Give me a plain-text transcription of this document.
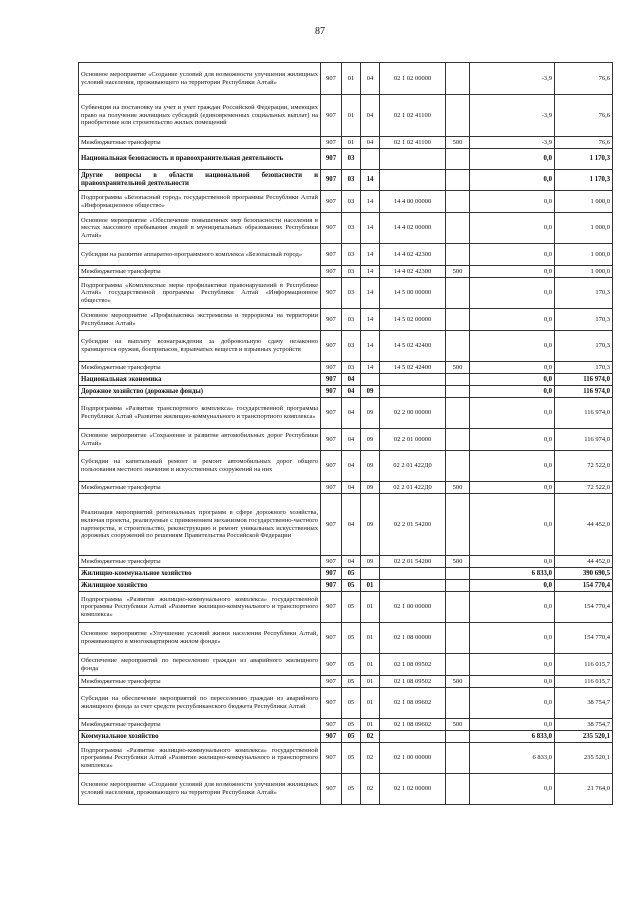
87
Основное мероприятие «Создание условий для возможности улучшения жилищных условий населения, проживающего на территории Республики Алтай»	907	01	04	02 1 02 00000		-3,9	76,6
Субвенция на постановку на учет и учет граждан Российской Федерации, имеющих право на получение жилищных субсидий (единовременных социальных выплат) на приобретение или строительство жилых помещений	907	01	04	02 1 02 41100		-3,9	76,6
Межбюджетные трансферты	907	01	04	02 1 02 41100	500	-3,9	76,6
Национальная безопасность и правоохранительная деятельность	907	03				0,0	1 170,3
Другие вопросы в области национальной безопасности и правоохранительной деятельности	907	03	14			0,0	1 170,3
Подпрограмма «Безопасный город» государственной программы Республики Алтай «Информационное общество»	907	03	14	14 4 00 00000		0,0	1 000,0
Основное мероприятие «Обеспечение повышенных мер безопасности населения в местах массового пребывания людей в муниципальных образованиях Республики Алтай»	907	03	14	14 4 02 00000		0,0	1 000,0
Субсидии на развитие аппаратно-программного комплекса «Безопасный город»	907	03	14	14 4 02 42300		0,0	1 000,0
Межбюджетные трансферты	907	03	14	14 4 02 42300	500	0,0	1 000,0
Подпрограмма «Комплексные меры профилактики правонарушений в Республике Алтай» государственной программы Республики Алтай «Информационное общество»	907	03	14	14 5 00 00000		0,0	170,3
Основное мероприятие «Профилактика экстремизма и терроризма на территории Республики Алтай»	907	03	14	14 5 02 00000		0,0	170,3
Субсидии на выплату вознаграждения за добровольную сдачу незаконно хранящегося оружия, боеприпасов, взрывчатых веществ и взрывных устройств	907	03	14	14 5 02 42400		0,0	170,3
Межбюджетные трансферты	907	03	14	14 5 02 42400	500	0,0	170,3
Национальная экономика	907	04				0,0	116 974,0
Дорожное хозяйство (дорожные фонды)	907	04	09			0,0	116 974,0
Подпрограмма «Развитие транспортного комплекса» государственной программы Республики Алтай «Развитие жилищно-коммунального и транспортного комплекса»	907	04	09	02 2 00 00000		0,0	116 974,0
Основное мероприятие «Сохранение и развитие автомобильных дорог Республики Алтай»	907	04	09	02 2 01 00000		0,0	116 974,0
Субсидии на капитальный ремонт и ремонт автомобильных дорог общего пользования местного значения и искусственных сооружений на них	907	04	09	02 2 01 422Д0		0,0	72 522,0
Межбюджетные трансферты	907	04	09	02 2 01 422Д0	500	0,0	72 522,0
Реализация мероприятий региональных программ в сфере дорожного хозяйства, включая проекты, реализуемые с применением механизмов государственно-частного партнерства, и строительство, реконструкцию и ремонт уникальных искусственных дорожных сооружений по решениям Правительства Российской Федерации	907	04	09	02 2 01 54200		0,0	44 452,0
Межбюджетные трансферты	907	04	09	02 2 01 54200	500	0,0	44 452,0
Жилищно-коммунальное хозяйство	907	05				6 833,0	390 690,5
Жилищное хозяйство	907	05	01			0,0	154 770,4
Подпрограмма «Развитие жилищно-коммунального комплекса» государственной программы Республики Алтай «Развитие жилищно-коммунального и транспортного комплекса»	907	05	01	02 1 00 00000		0,0	154 770,4
Основное мероприятие «Улучшение условий жизни населения Республики Алтай, проживающего в многоквартирном жилом фонде»	907	05	01	02 1 08 00000		0,0	154 770,4
Обеспечение мероприятий по переселению граждан из аварийного жилищного фонда	907	05	01	02 1 08 09502		0,0	116 015,7
Межбюджетные трансферты	907	05	01	02 1 08 09502	500	0,0	116 015,7
Субсидии на обеспечение мероприятий по переселению граждан из аварийного жилищного фонда за счет средств республиканского бюджета Республики Алтай	907	05	01	02 1 08 09602		0,0	38 754,7
Межбюджетные трансферты	907	05	01	02 1 08 09602	500	0,0	38 754,7
Коммунальное хозяйство	907	05	02			6 833,0	235 520,1
Подпрограмма «Развитие жилищно-коммунального комплекса» государственной программы Республики Алтай «Развитие жилищно-коммунального и транспортного комплекса»	907	05	02	02 1 00 00000		6 833,0	235 520,1
Основное мероприятие «Создание условий для возможности улучшения жилищных условий населения, проживающего на территории Республики Алтай»	907	05	02	02 1 02 00000		0,0	21 764,0
